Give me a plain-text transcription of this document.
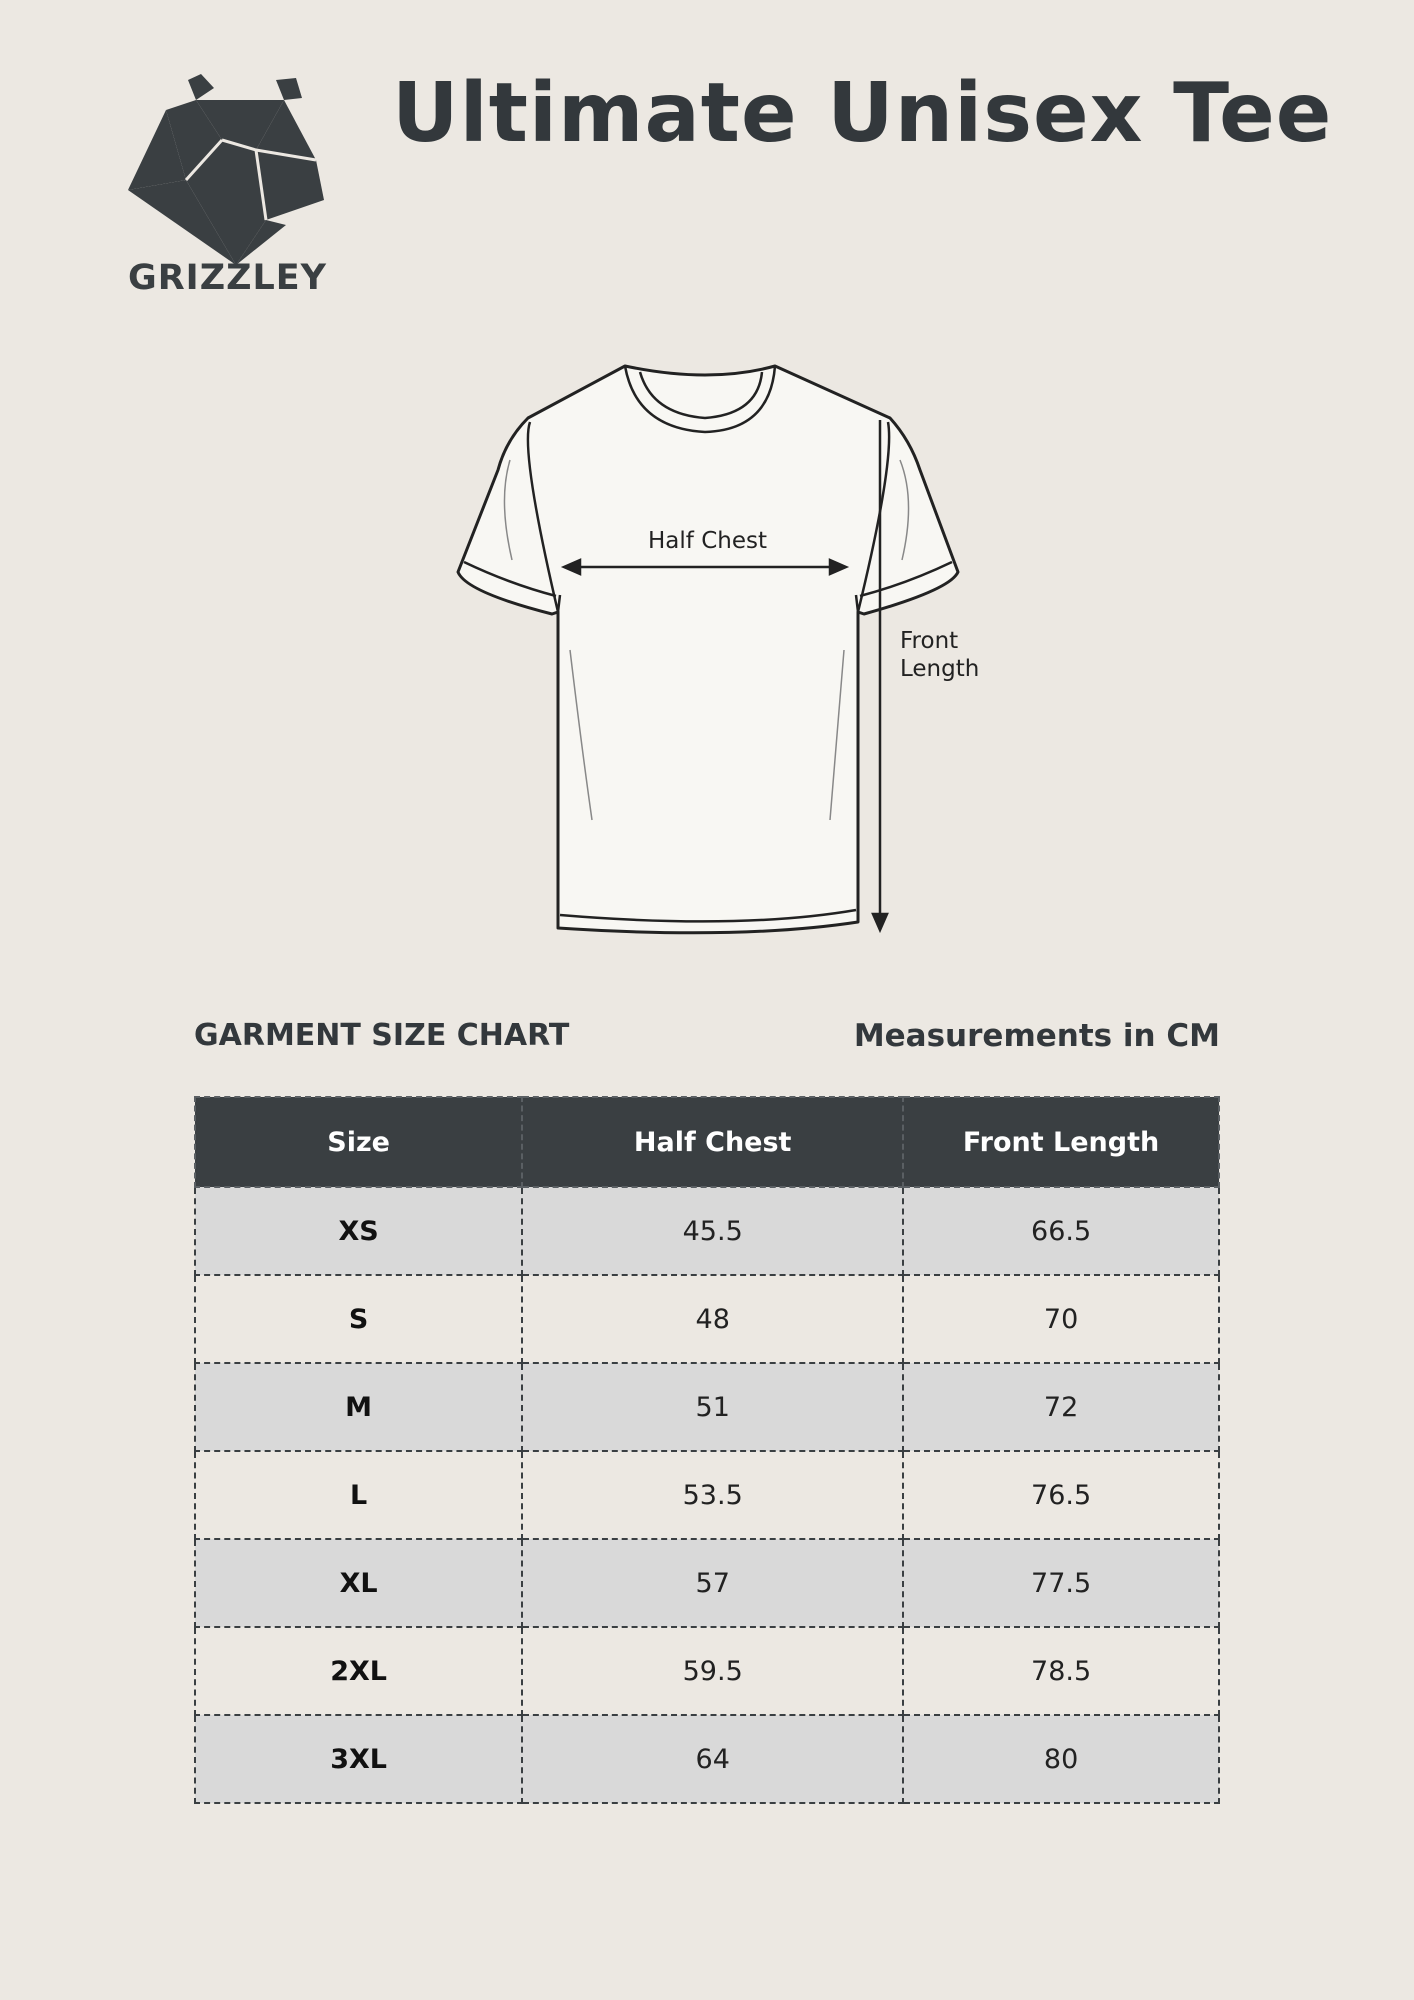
GRIZZLEY
Ultimate Unisex Tee
Half Chest
Front
Length
GARMENT SIZE CHART	Measurements in CM
Size	Half Chest	Front Length
XS	45.5	66.5
S	48	70
M	51	72
L	53.5	76.5
XL	57	77.5
2XL	59.5	78.5
3XL	64	80
